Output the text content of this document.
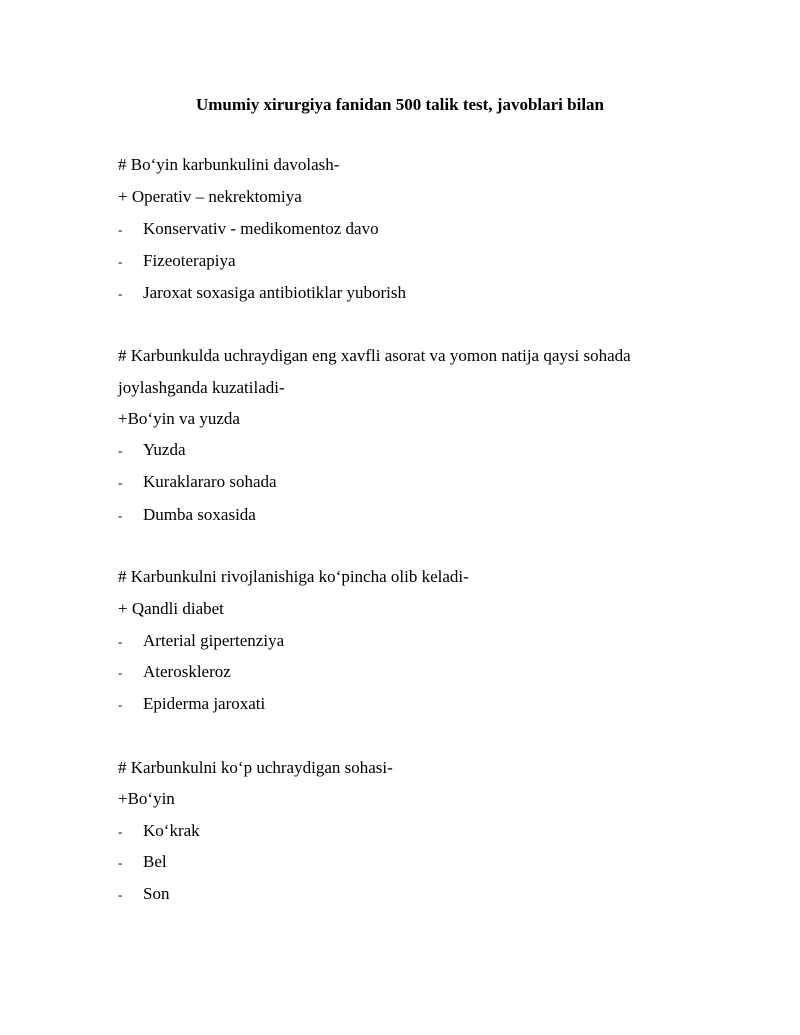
Umumiy xirurgiya fanidan 500 talik test, javoblari bilan
# Bo‘yin karbunkulini davolash-
+ Operativ – nekrektomiya
- Konservativ - medikomentoz davo
- Fizeoterapiya
- Jaroxat soxasiga antibiotiklar yuborish
# Karbunkulda uchraydigan eng xavfli asorat va yomon natija qaysi sohada
joylashganda kuzatiladi-
+Bo‘yin va yuzda
- Yuzda
- Kuraklararo sohada
- Dumba soxasida
# Karbunkulni rivojlanishiga ko‘pincha olib keladi-
+ Qandli diabet
- Arterial gipertenziya
- Ateroskleroz
- Epiderma jaroxati
# Karbunkulni ko‘p uchraydigan sohasi-
+Bo‘yin
- Ko‘krak
- Bel
- Son
